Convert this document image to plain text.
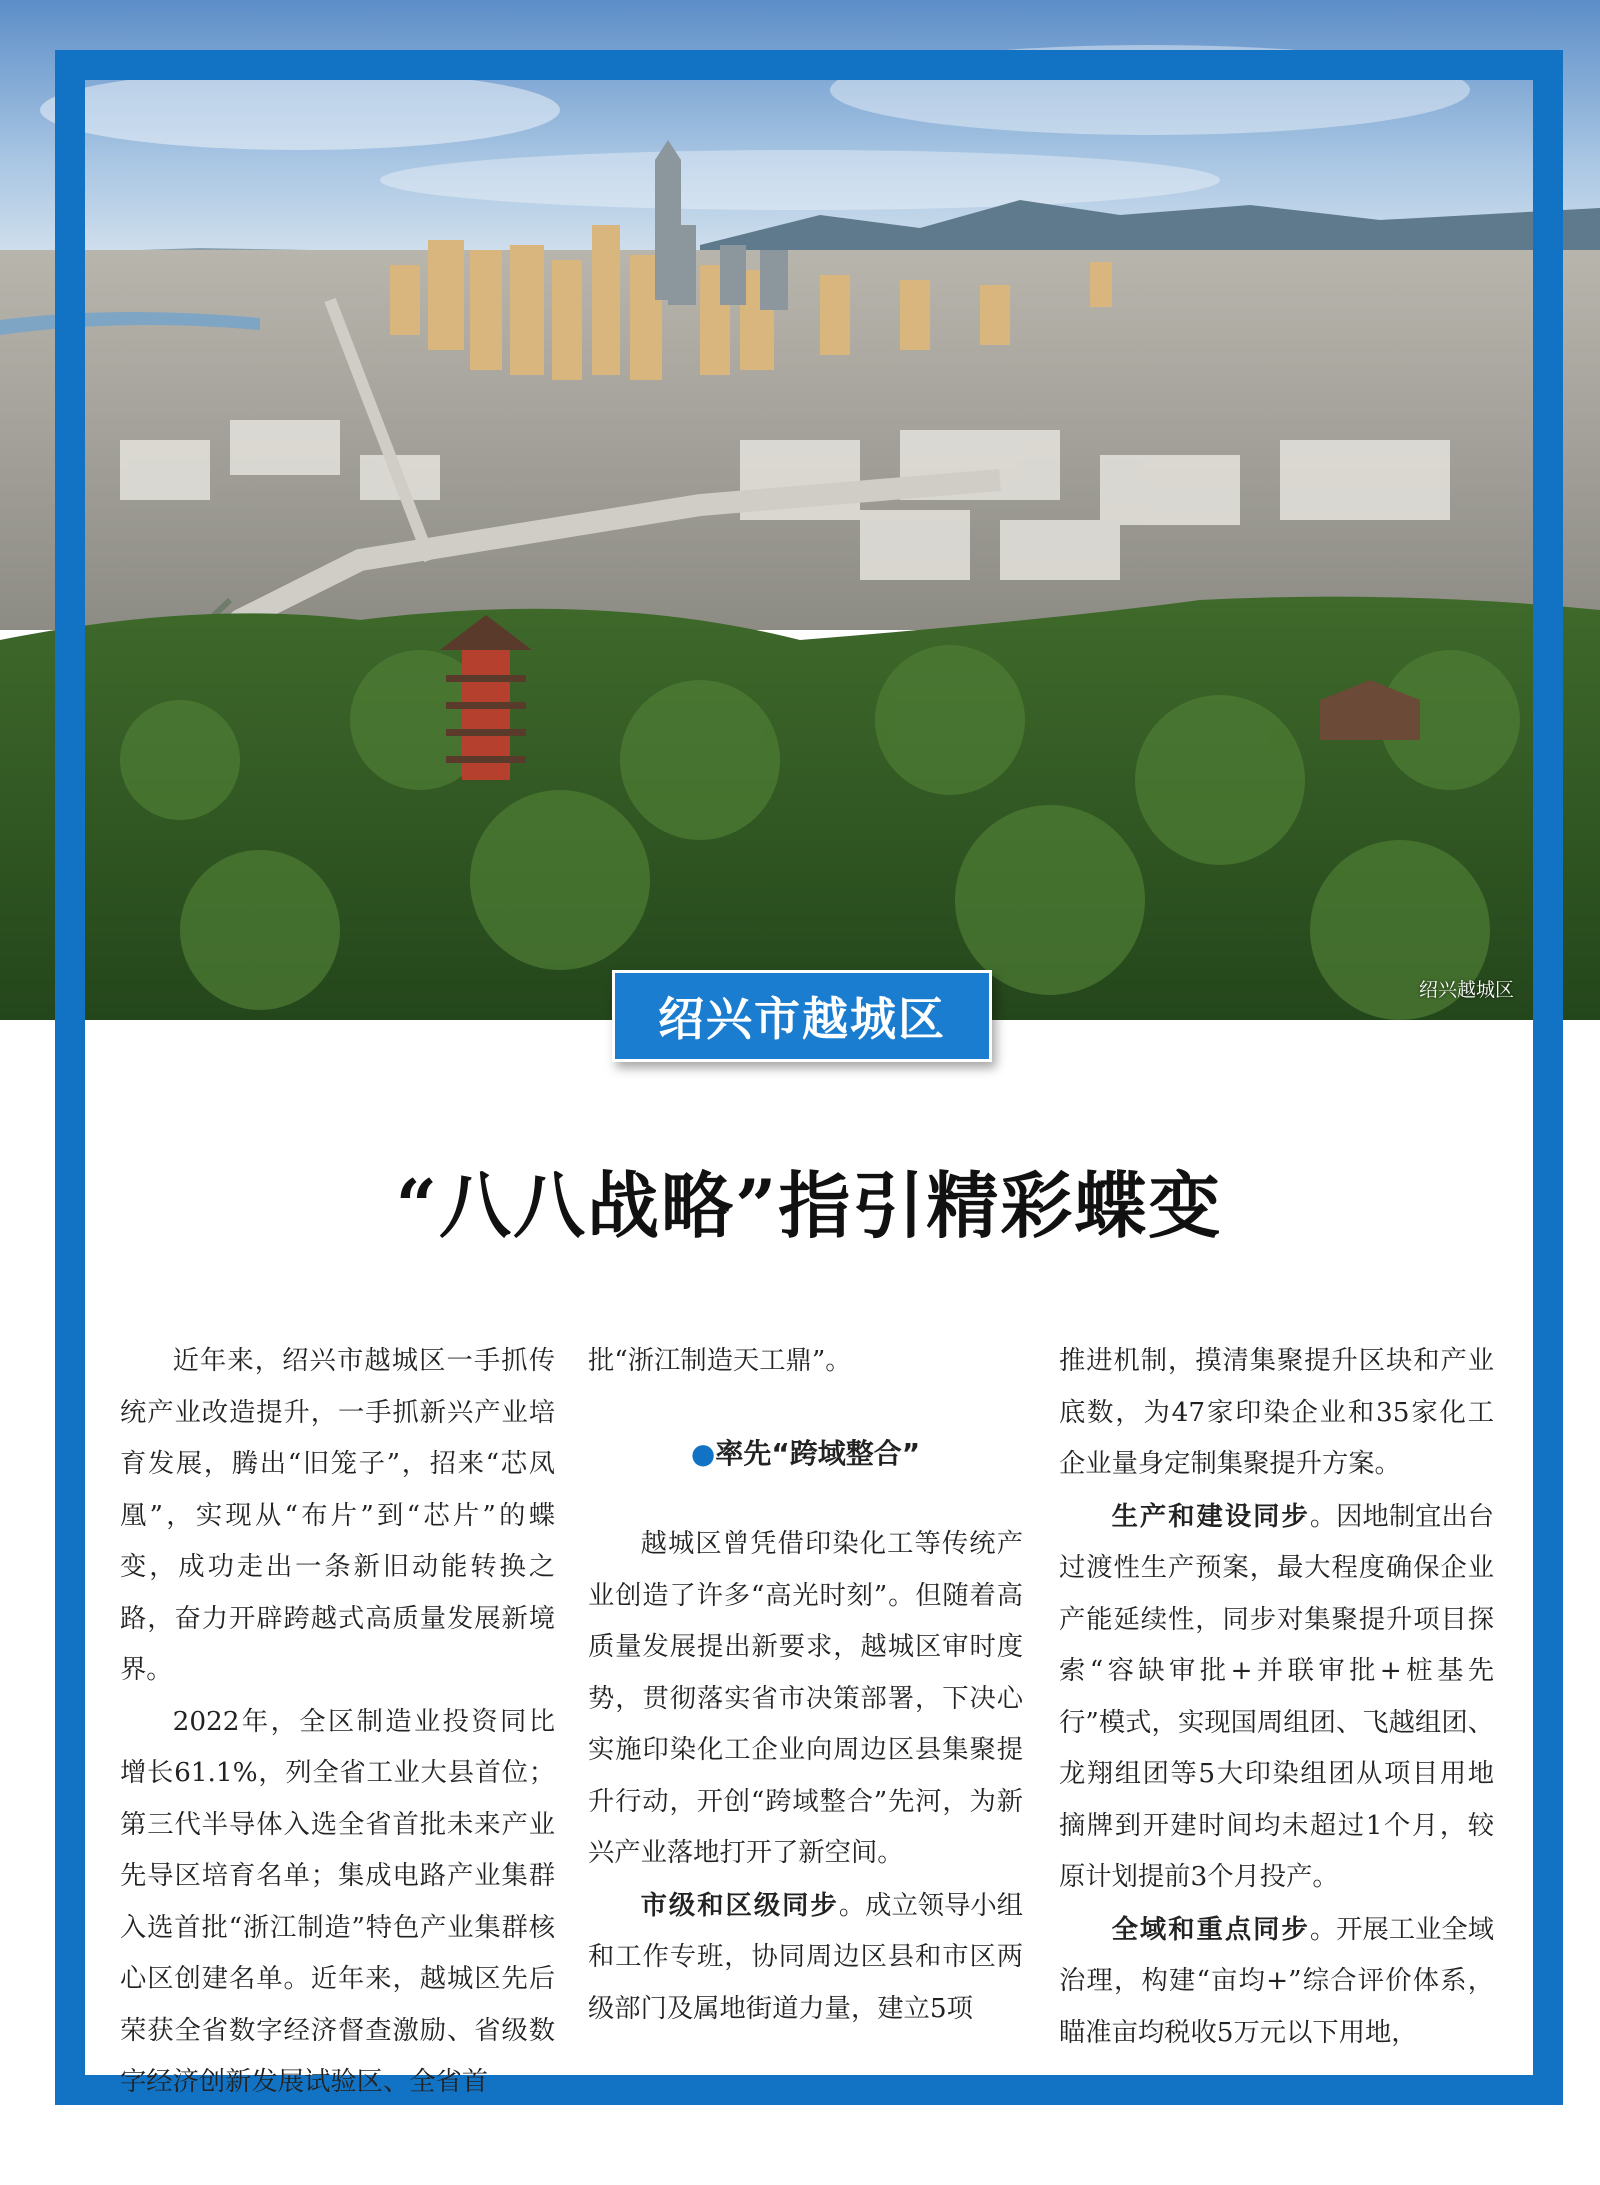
绍兴越城区
绍兴市越城区
“八八战略”指引精彩蝶变

近年来，绍兴市越城区一手抓传统产业改造提升，一手抓新兴产业培育发展，腾出“旧笼子”，招来“芯凤凰”，实现从“布片”到“芯片”的蝶变，成功走出一条新旧动能转换之路，奋力开辟跨越式高质量发展新境界。

2022年，全区制造业投资同比增长61.1%，列全省工业大县首位；第三代半导体入选全省首批未来产业先导区培育名单；集成电路产业集群入选首批“浙江制造”特色产业集群核心区创建名单。近年来，越城区先后荣获全省数字经济督查激励、省级数字经济创新发展试验区、全省首

批“浙江制造天工鼎”。

●率先“跨域整合”

越城区曾凭借印染化工等传统产业创造了许多“高光时刻”。但随着高质量发展提出新要求，越城区审时度势，贯彻落实省市决策部署，下决心实施印染化工企业向周边区县集聚提升行动，开创“跨域整合”先河，为新兴产业落地打开了新空间。

市级和区级同步。成立领导小组和工作专班，协同周边区县和市区两级部门及属地街道力量，建立5项

推进机制，摸清集聚提升区块和产业底数，为47家印染企业和35家化工企业量身定制集聚提升方案。

生产和建设同步。因地制宜出台过渡性生产预案，最大程度确保企业产能延续性，同步对集聚提升项目探索“容缺审批+并联审批+桩基先行”模式，实现国周组团、飞越组团、龙翔组团等5大印染组团从项目用地摘牌到开建时间均未超过1个月，较原计划提前3个月投产。

全域和重点同步。开展工业全域治理，构建“亩均+”综合评价体系，瞄准亩均税收5万元以下用地，
